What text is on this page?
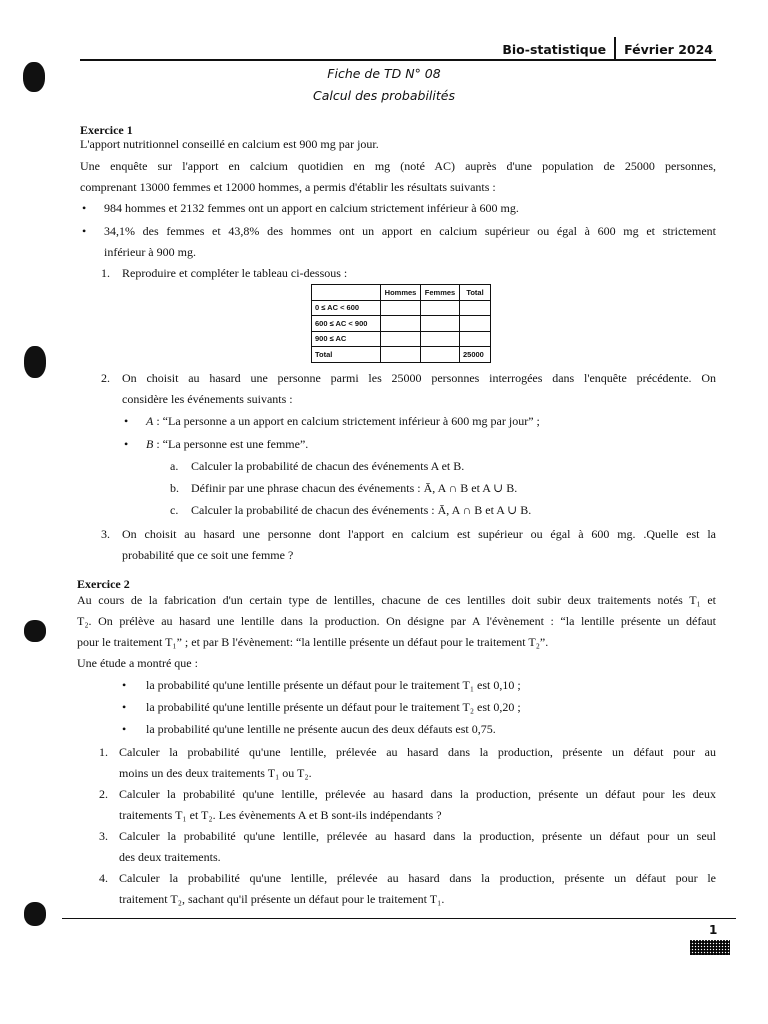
Bio-statistique Février 2024
Fiche de TD N° 08
Calcul des probabilités
Exercice 1
L'apport nutritionnel conseillé en calcium est 900 mg par jour.
Une enquête sur l'apport en calcium quotidien en mg (noté AC) auprès d'une population de 25000 personnes,
comprenant 13000 femmes et 12000 hommes, a permis d'établir les résultats suivants :
• 984 hommes et 2132 femmes ont un apport en calcium strictement inférieur à 600 mg.
• 34,1% des femmes et 43,8% des hommes ont un apport en calcium supérieur ou égal à 600 mg et strictement
inférieur à 900 mg.
1. Reproduire et compléter le tableau ci-dessous :
	Hommes	Femmes	Total
0 ≤ AC < 600			
600 ≤ AC < 900			
900 ≤ AC			
Total			25000
2. On choisit au hasard une personne parmi les 25000 personnes interrogées dans l'enquête précédente. On
considère les événements suivants :
• A : “La personne a un apport en calcium strictement inférieur à 600 mg par jour” ;
• B : “La personne est une femme”.
a. Calculer la probabilité de chacun des événements A et B.
b. Définir par une phrase chacun des événements : Ā, A ∩ B et A ∪ B.
c. Calculer la probabilité de chacun des événements : Ā, A ∩ B et A ∪ B.
3. On choisit au hasard une personne dont l'apport en calcium est supérieur ou égal à 600 mg. .Quelle est la
probabilité que ce soit une femme ?
Exercice 2
Au cours de la fabrication d'un certain type de lentilles, chacune de ces lentilles doit subir deux traitements notés T₁ et
T₂. On prélève au hasard une lentille dans la production. On désigne par A l'évènement : “la lentille présente un défaut
pour le traitement T₁” ; et par B l'évènement: “la lentille présente un défaut pour le traitement T₂”.
Une étude a montré que :
• la probabilité qu'une lentille présente un défaut pour le traitement T₁ est 0,10 ;
• la probabilité qu'une lentille présente un défaut pour le traitement T₂ est 0,20 ;
• la probabilité qu'une lentille ne présente aucun des deux défauts est 0,75.
1. Calculer la probabilité qu'une lentille, prélevée au hasard dans la production, présente un défaut pour au
moins un des deux traitements T₁ ou T₂.
2. Calculer la probabilité qu'une lentille, prélevée au hasard dans la production, présente un défaut pour les deux
traitements T₁ et T₂. Les évènements A et B sont-ils indépendants ?
3. Calculer la probabilité qu'une lentille, prélevée au hasard dans la production, présente un défaut pour un seul
des deux traitements.
4. Calculer la probabilité qu'une lentille, prélevée au hasard dans la production, présente un défaut pour le
traitement T₂, sachant qu'il présente un défaut pour le traitement T₁.
1
